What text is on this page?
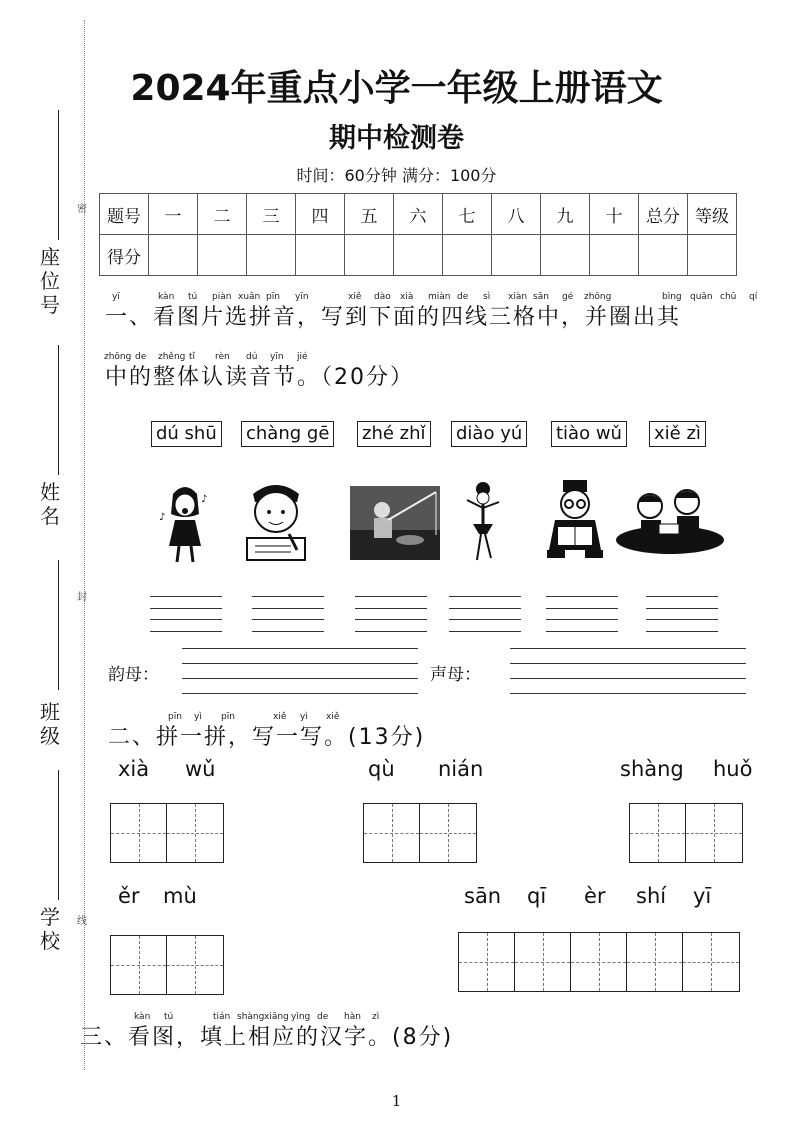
密
封
线
座位号
姓名
班级
学校
2024年重点小学一年级上册语文
期中检测卷
时间：60分钟 满分：100分
题号	一	二	三	四	五	六	七	八	九	十	总分	等级
得分												
yī	kàn tú piàn xuǎn pīn yīn	xiě dào xià miàn de sì xiàn sān gé zhōng	bìng quān chū qí
一、看图片选拼音，写到下面的四线三格中，并圈出其
zhōng de zhěng tǐ rèn dú yīn jié
中的整体认读音节。（20分）
dú shū chàng gē zhé zhǐ diào yú tiào wǔ xiě zì
♪
♪
韵母：	声母：
pīn yì pīn	xiě yì xiě
二、拼一拼，写一写。(13分)
xià wǔ	qù nián	shàng huǒ
ěr mù	sān qī èr shí yī
kàn tú	tián shàng xiāng yìng de hàn zì
三、看图，填上相应的汉字。(8分)
1
